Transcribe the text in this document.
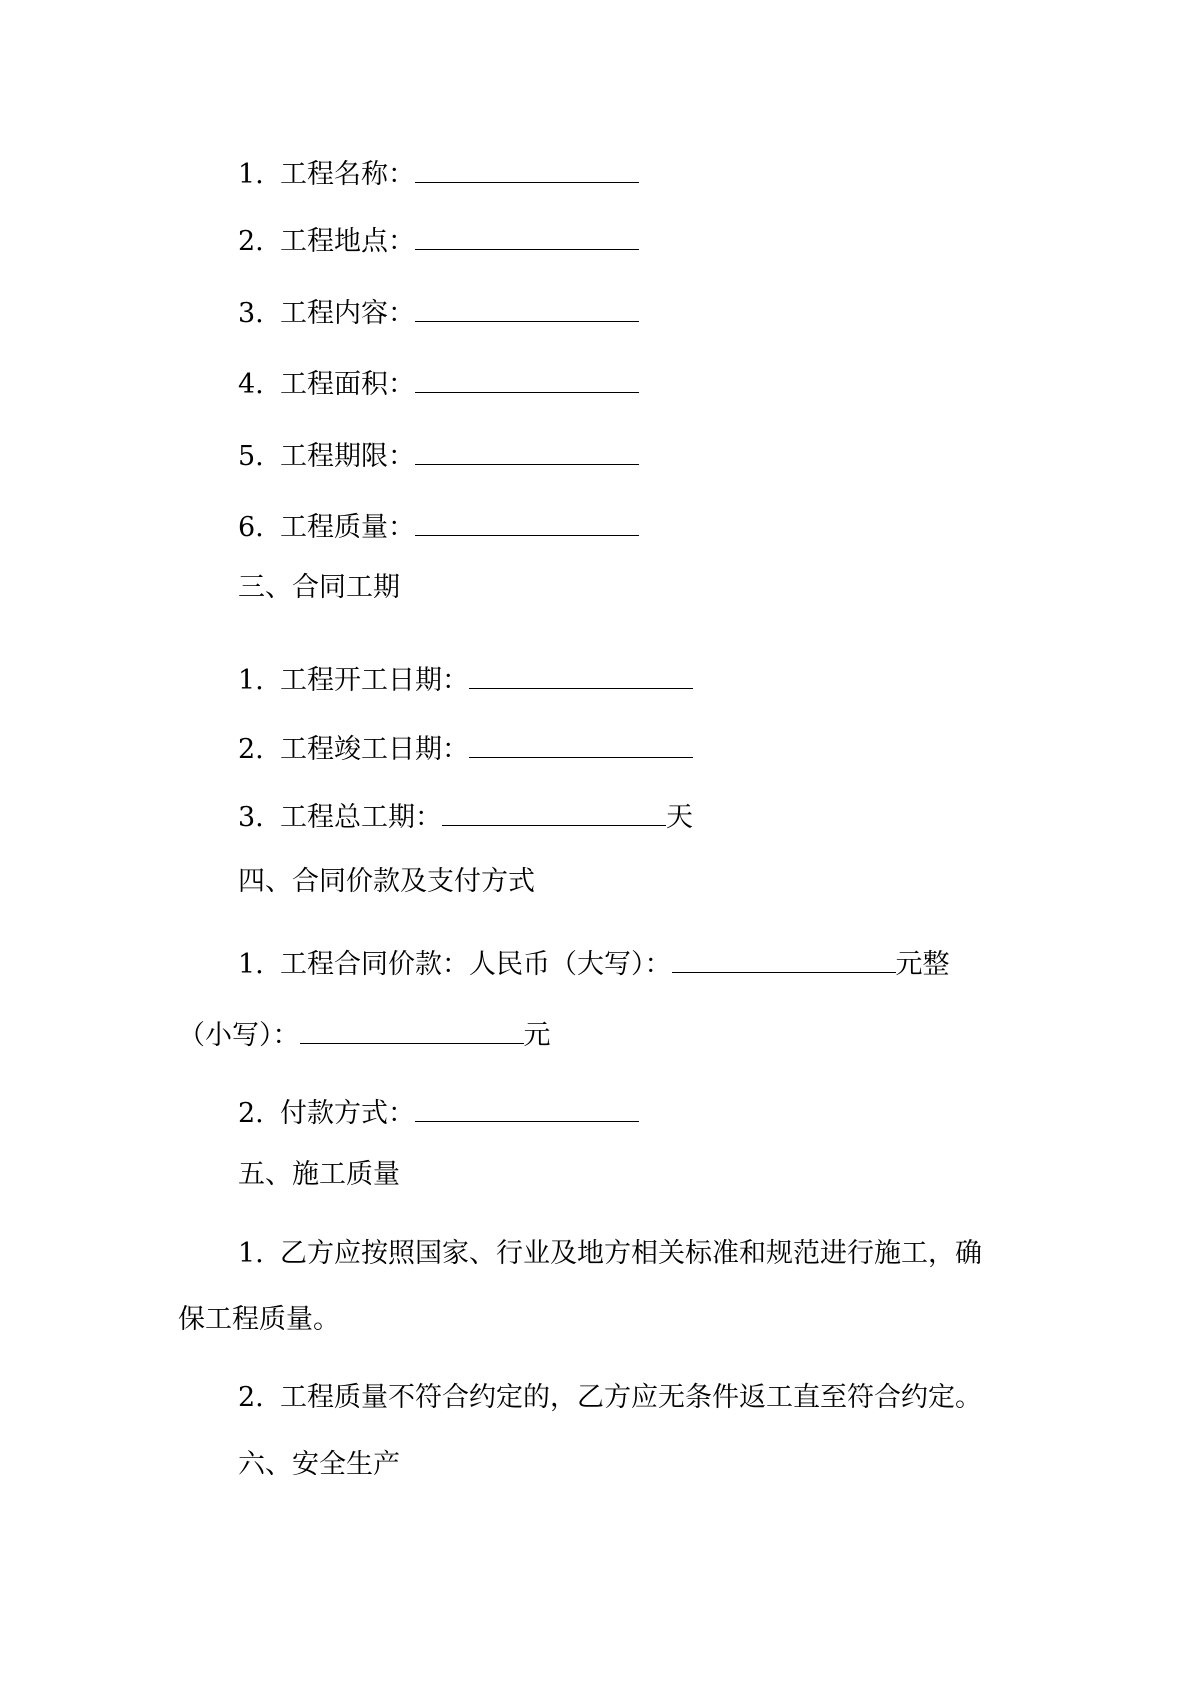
1. 工程名称：

2. 工程地点：

3. 工程内容：

4. 工程面积：

5. 工程期限：

6. 工程质量：

三、合同工期

1. 工程开工日期：

2. 工程竣工日期：

3. 工程总工期：	天

四、合同价款及支付方式

1. 工程合同价款：人民币（大写）：	元整

（小写）：	元

2. 付款方式：

五、施工质量

1. 乙方应按照国家、行业及地方相关标准和规范进行施工，确

保工程质量。

2. 工程质量不符合约定的，乙方应无条件返工直至符合约定。

六、安全生产
